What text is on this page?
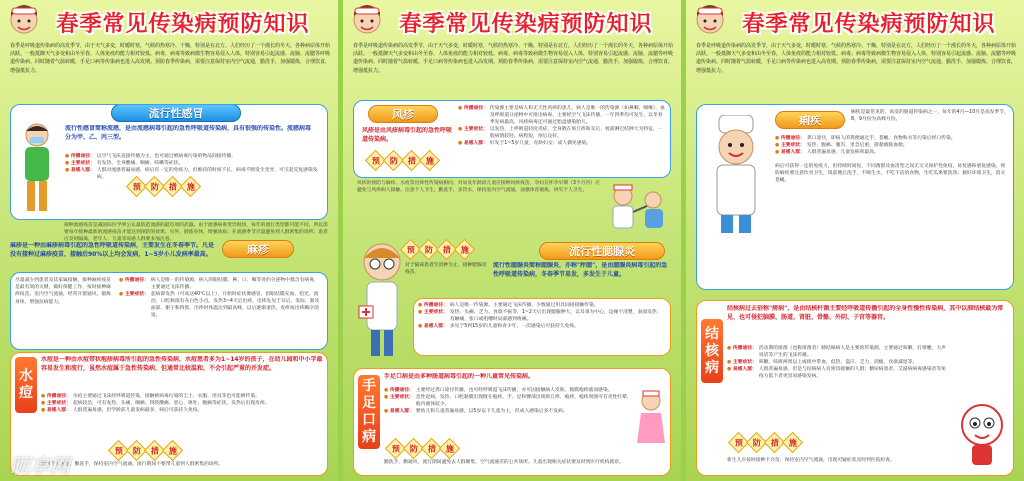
春季常见传染病预防知识
春季是呼吸道传染病的高发季节，由于天气多变，时暖时寒，气候的热寒冷、干燥，特别是在北方，人们经历了一个漫长的冬天，各种病原体开始活跃。一般抵御天气多变和由冬至春，人体免疫的能力相对较低。病毒、病毒等致病微生物容易侵入人体，特别容易引起流感、流脑、流腮等呼吸道传染病。同时随着气温转暖，手足口病等传染病也进入高发期。预防春季传染病，需要注意保持室内空气流通，勤洗手，加强锻炼，合理饮食，增强抵抗力。
流行性感冒
流行性感冒简称流感，是由流感病毒引起的急性呼吸道传染病，具有很强的传染性。流感病毒分为甲、乙、丙三型。
● 传播途径： 以空气飞沫直接传播为主，也可通过被病毒污染的物品间接传播。
● 主要症状： 有发热、全身酸痛、咽痛、咳嗽等症状。
● 易感人群： 人群对流感普遍易感，病后有一定的免疫力，但维持的时间不长，病毒不断发生变异，可引起反复感染发病。
预 防 措 施
接种流感疫苗是减国际医学界公认最防范流感的最有效的武器。由于流感病毒变异很快，每年的流行类型都可能不同，所以需要每年接种最新的流感疫苗才能达到预防的效果。另外，锻炼身体，增强体质；在流感季节尽量避免到人群密集的场所；患者应及时隔离，老年人、儿童等易感人群要多加注意。
麻疹
麻疹是一种由麻疹病毒引起的急性呼吸道传染病，主要发生在冬春季节。凡是没有接种过麻疹疫苗，接触后90%以上均会发病，1~5岁小儿发病率最高。
● 传播途径： 病人是唯一的传染源，病人的眼结膜、鼻、口、咽等处的分泌物中都含有病毒，主要通过飞沫传播。
● 主要症状： 起病即发热（可高达40℃以上），开始时症状像感冒，但眼结膜充血、怕光、流泪，口腔颊部有灰白色小点。发热3~4天后出疹，皮疹先见于耳后、发际，渐及面部、躯干和四肢。出疹时体温达到最高峰，以后逐渐退热，皮疹按出疹顺序消退。
尽量减少到患者及其家属接触，接种麻疹疫苗是最有效的关键，做好保健工作，按时接种麻疹疫苗。室内空气流通，经常开窗通风，锻炼身体，增强抗病能力。
水
痘
水痘是一种由水痘带状疱疹病毒所引起的急性传染病，水痘患者多为1~14岁的孩子，在幼儿园和中小学最容易发生和流行，虽然水痘属于急性传染病，但通常比较温和，不会引起严重的并发症。
● 传播途径： 水痘主要通过飞沫经呼吸道传染，接触被病毒污染的尘土、衣服、用具等也可能被传染。
● 主要症状： 起病较急，可有发热、头痛、咽痛、四肢酸痛、恶心、呕吐、腹痛等症状，发热后出现皮疹。
● 易感人群： 人群普遍易感，但学龄前儿童发病最多，病后可获持久免疫。
预 防 措 施
注意个人卫生，勤洗手，保持室内空气流通。流行期间不要带儿童到人群密集的场所。
昵享网
春季常见传染病预防知识
春季是呼吸道传染病的高发季节，由于天气多变，时暖时寒，气候的热寒冷、干燥，特别是在北方，人们经历了一个漫长的冬天，各种病原体开始活跃。一般抵御天气多变和由冬至春，人体免疫的能力相对较低。病毒、病毒等致病微生物容易侵入人体，特别容易引起流感、流脑、流腮等呼吸道传染病。同时随着气温转暖，手足口病等传染病也进入高发期。预防春季传染病，需要注意保持室内空气流通，勤洗手，加强锻炼，合理饮食，增强抵抗力。
风疹
风疹是由风疹病毒引起的急性呼吸道传染病。
预 防 措 施
● 传播途径： 传染源主要是病人和无天性风疹的患儿，病人是唯一的传染源（如鼻咽、咽喉）、血及呼吸道分泌物中可排出病毒，主要经空气飞沫传播，一年四季均可发生，以冬春季发病最高，风疹病毒还可通过胎盘感染胎儿。
● 主要症状： 以发热、上呼吸道轻度炎症、全身散在斑丘疹和耳后、枕部淋巴结肿大为特征，一般病情较轻，病程短，预后良好。
● 易感人群： 好发于1~5岁儿童，育龄妇女；成人偶见感染。
风疹的预防与麻疹、水痘等出疹性传染病相同。对易发年龄段儿童应接种风疹疫苗，孕妇在怀孕早期（3个月内）应避免与风疹病人接触。注意个人卫生，勤洗手，多饮水，保持室内空气流通。加强体育锻炼，讲究个人卫生。
预 防 措 施	流行性腮腺炎
对于隔离患者至消肿为止，接种腮腺炎疫苗。
流行性腮腺炎简称腮腺炎，亦称"痄腮"，是由腮腺炎病毒引起的急性呼吸道传染病，冬春季节易发，多发生于儿童。
● 传播途径： 病人是唯一传染源，主要通过飞沫传播，少数通过用具间接接触传染。
● 主要症状： 发热、头痛、乏力、食欲不振等，1~2天后出现腮腺肿大，以耳垂为中心，边缘不清楚，表面发热、有触痛，张口或咀嚼时局部感到疼痛。
● 易感人群： 多见于5到15岁的儿童和青少年，一次感染后可获持久免疫。
手
足
口
病
手足口病是由多种肠道病毒引起的一种儿童常见传染病。
● 传播途径： 主要经过粪口途径传播，也可经呼吸道飞沫传播，亦可因接触病人皮肤、黏膜疱疹液而感染。
● 主要症状： 急性起病，发热，口腔黏膜出现散在疱疹，手、足和臀部出现斑丘疹、疱疹，疱疹周围可有炎性红晕，疱内液体较少。
● 易感人群： 婴幼儿和儿童普遍易感，以5岁以下儿童为主，但成人感染后多不发病。
预 防 措 施
勤洗手、勤通风、流行期间避免去人群聚集、空气流通差的公共场所。儿童出现相关症状要及时到医疗机构就诊。
春季常见传染病预防知识
春季是呼吸道传染病的高发季节，由于天气多变，时暖时寒，气候的热寒冷、干燥，特别是在北方，人们经历了一个漫长的冬天，各种病原体开始活跃。一般抵御天气多变和由冬至春，人体免疫的能力相对较低。病毒、病毒等致病微生物容易侵入人体，特别容易引起流感、流脑、流腮等呼吸道传染病。同时随着气温转暖，手足口病等传染病也进入高发期。预防春季传染病，需要注意保持室内空气流通，勤洗手，加强锻炼，合理饮食，增强抵抗力。
痢疾
痢疾是最常见的、高发的肠道传染病之一，每年的4月—10月是高发季节，8、9月份为高峰月份。
● 传播途径： 粪口途径，即病人的粪便通过手、苍蝇、食物和水等污染后经口传染。
● 主要症状： 发热、腹痛、腹泻、里急后重、排黏液脓血便。
● 易感人群： 人群普遍易感，儿童发病率最高。
病后可获得一定的免疫力，但持续时间短，不同菌群及血清型之间无交叉保护性免疫，易复感和重复感染。预防痢疾要注意饮食卫生，饭前便后洗手，不喝生水，不吃不洁的食物，生吃瓜果要洗净。搞好环境卫生，消灭苍蝇。
结
核
病
结核病过去俗称"痨病"，是由结核杆菌主要经呼吸道传播引起的全身性慢性传染病，其中以肺结核最为常见，也可侵犯脑膜、肠道、肾脏、骨骼、外阴、子宫等器官。
● 传播途径： 活动期的排菌（也称排菌者）肺结核病人是主要的传染源，主要通过咳嗽、打喷嚏、大声说话等产生的飞沫传播。
● 主要症状： 咳嗽、咳痰两周以上或痰中带血，低热、盗汗、乏力、消瘦、食欲减退等。
● 易感人群： 人群普遍易感，但是与结核病人有密切接触的人群；糖尿病患者、艾滋病病毒感染者等免疫力低下者更容易感染发病。
预 防 措 施
新生儿应按时接种卡介苗，保持室内空气流通，出现可疑症状及时到医院检查。
